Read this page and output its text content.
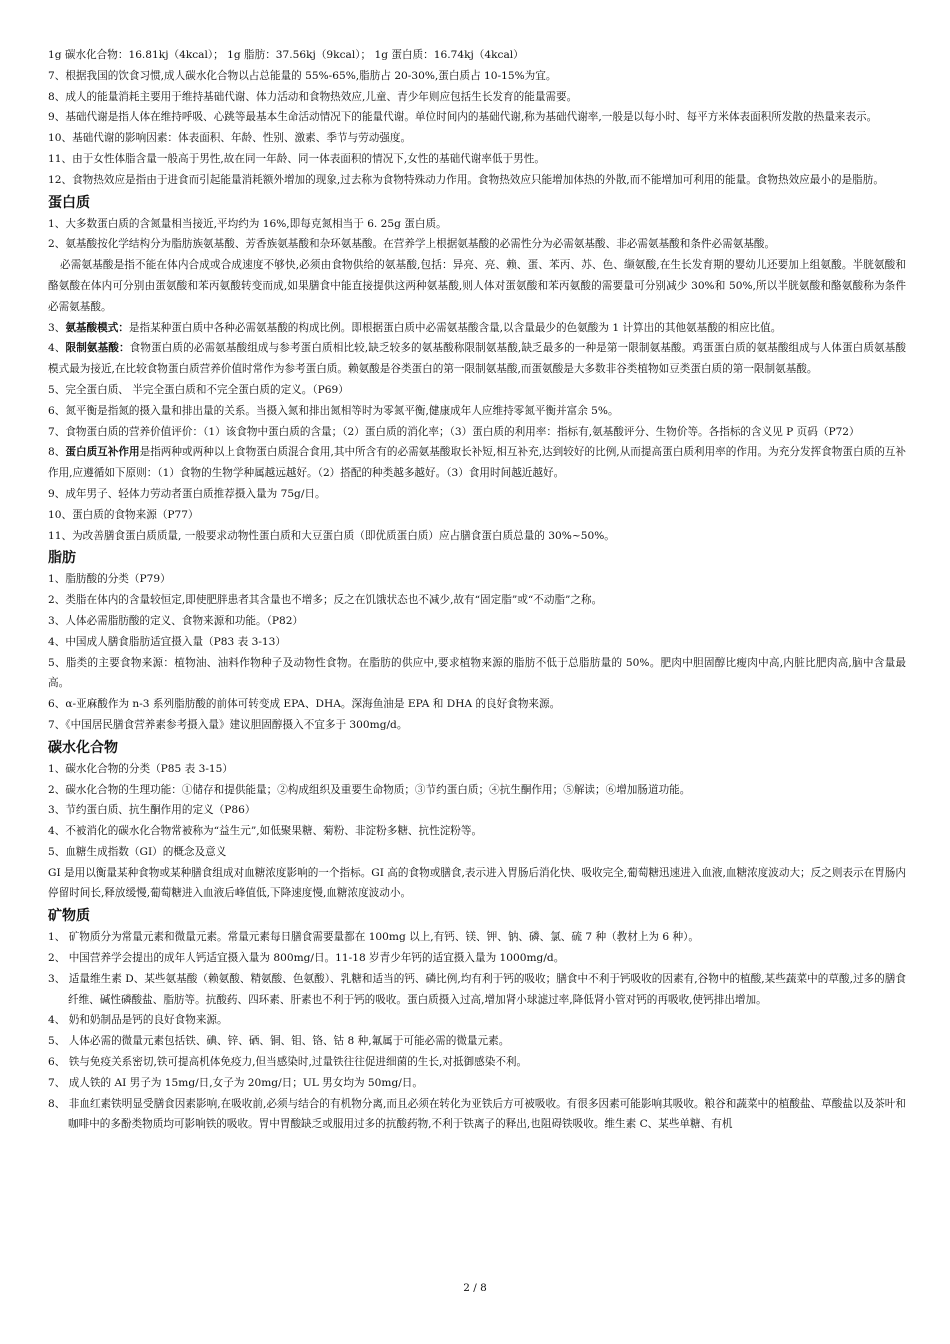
1g 碳水化合物：16.81kj（4kcal）； 1g 脂肪：37.56kj（9kcal）； 1g 蛋白质：16.74kj（4kcal）

7、根据我国的饮食习惯,成人碳水化合物以占总能量的 55%-65%,脂肪占 20-30%,蛋白质占 10-15%为宜。

8、成人的能量消耗主要用于维持基础代谢、体力活动和食物热效应,儿童、青少年则应包括生长发育的能量需要。

9、基础代谢是指人体在维持呼吸、心跳等最基本生命活动情况下的能量代谢。单位时间内的基础代谢,称为基础代谢率,一般是以每小时、每平方米体表面积所发散的热量来表示。

10、基础代谢的影响因素：体表面积、年龄、性别、激素、季节与劳动强度。

11、由于女性体脂含量一般高于男性,故在同一年龄、同一体表面积的情况下,女性的基础代谢率低于男性。

12、食物热效应是指由于进食而引起能量消耗额外增加的现象,过去称为食物特殊动力作用。食物热效应只能增加体热的外散,而不能增加可利用的能量。食物热效应最小的是脂肪。

蛋白质

1、大多数蛋白质的含氮量相当接近,平均约为 16%,即每克氮相当于 6. 25g 蛋白质。

2、氨基酸按化学结构分为脂肪族氨基酸、芳香族氨基酸和杂环氨基酸。在营养学上根据氨基酸的必需性分为必需氨基酸、非必需氨基酸和条件必需氨基酸。

必需氨基酸是指不能在体内合成或合成速度不够快,必须由食物供给的氨基酸,包括：异亮、亮、赖、蛋、苯丙、苏、色、缬氨酸,在生长发育期的婴幼儿还要加上组氨酸。半胱氨酸和酪氨酸在体内可分别由蛋氨酸和苯丙氨酸转变而成,如果膳食中能直接提供这两种氨基酸,则人体对蛋氨酸和苯丙氨酸的需要量可分别减少 30%和 50%,所以半胱氨酸和酪氨酸称为条件必需氨基酸。

3、氨基酸模式：是指某种蛋白质中各种必需氨基酸的构成比例。即根据蛋白质中必需氨基酸含量,以含量最少的色氨酸为 1 计算出的其他氨基酸的相应比值。

4、限制氨基酸：食物蛋白质的必需氨基酸组成与参考蛋白质相比较,缺乏较多的氨基酸称限制氨基酸,缺乏最多的一种是第一限制氨基酸。鸡蛋蛋白质的氨基酸组成与人体蛋白质氨基酸模式最为接近,在比较食物蛋白质营养价值时常作为参考蛋白质。赖氨酸是谷类蛋白的第一限制氨基酸,而蛋氨酸是大多数非谷类植物如豆类蛋白质的第一限制氨基酸。

5、完全蛋白质、 半完全蛋白质和不完全蛋白质的定义。（P69）

6、氮平衡是指氮的摄入量和排出量的关系。当摄入氮和排出氮相等时为零氮平衡,健康成年人应维持零氮平衡并富余 5%。

7、食物蛋白质的营养价值评价：（1）该食物中蛋白质的含量；（2）蛋白质的消化率；（3）蛋白质的利用率：指标有,氨基酸评分、生物价等。各指标的含义见 P 页码（P72）

8、蛋白质互补作用是指两种或两种以上食物蛋白质混合食用,其中所含有的必需氨基酸取长补短,相互补充,达到较好的比例,从而提高蛋白质利用率的作用。为充分发挥食物蛋白质的互补作用,应遵循如下原则：（1）食物的生物学种属越远越好。（2）搭配的种类越多越好。（3）食用时间越近越好。

9、成年男子、轻体力劳动者蛋白质推荐摄入量为 75g/日。

10、蛋白质的食物来源（P77）

11、为改善膳食蛋白质质量, 一般要求动物性蛋白质和大豆蛋白质（即优质蛋白质）应占膳食蛋白质总量的 30%~50%。

脂肪

1、脂肪酸的分类（P79）

2、类脂在体内的含量较恒定,即使肥胖患者其含量也不增多；反之在饥饿状态也不减少,故有“固定脂”或“不动脂”之称。

3、人体必需脂肪酸的定义、食物来源和功能。（P82）

4、中国成人膳食脂肪适宜摄入量（P83 表 3-13）

5、脂类的主要食物来源：植物油、油料作物种子及动物性食物。在脂肪的供应中,要求植物来源的脂肪不低于总脂肪量的 50%。肥肉中胆固醇比瘦肉中高,内脏比肥肉高,脑中含量最高。

6、α-亚麻酸作为 n-3 系列脂肪酸的前体可转变成 EPA、DHA。深海鱼油是 EPA 和 DHA 的良好食物来源。

7、《中国居民膳食营养素参考摄入量》建议胆固醇摄入不宜多于 300mg/d。

碳水化合物

1、碳水化合物的分类（P85 表 3-15）

2、碳水化合物的生理功能：①储存和提供能量；②构成组织及重要生命物质；③节约蛋白质；④抗生酮作用；⑤解读；⑥增加肠道功能。

3、节约蛋白质、抗生酮作用的定义（P86）

4、不被消化的碳水化合物常被称为“益生元”,如低聚果糖、菊粉、非淀粉多糖、抗性淀粉等。

5、血糖生成指数（GI）的概念及意义

GI 是用以衡量某种食物或某种膳食组成对血糖浓度影响的一个指标。GI 高的食物或膳食,表示进入胃肠后消化快、吸收完全,葡萄糖迅速进入血液,血糖浓度波动大；反之则表示在胃肠内停留时间长,释放缓慢,葡萄糖进入血液后峰值低,下降速度慢,血糖浓度波动小。

矿物质

1、 矿物质分为常量元素和微量元素。常量元素每日膳食需要量都在 100mg 以上,有钙、镁、钾、钠、磷、氯、硫 7 种（教材上为 6 种）。

2、 中国营养学会提出的成年人钙适宜摄入量为 800mg/日。11-18 岁青少年钙的适宜摄入量为 1000mg/d。

3、 适量维生素 D、某些氨基酸（赖氨酸、精氨酸、色氨酸）、乳糖和适当的钙、磷比例,均有利于钙的吸收；膳食中不利于钙吸收的因素有,谷物中的植酸,某些蔬菜中的草酸,过多的膳食纤维、碱性磷酸盐、脂肪等。抗酸药、四环素、肝素也不利于钙的吸收。蛋白质摄入过高,增加肾小球滤过率,降低肾小管对钙的再吸收,使钙排出增加。

4、 奶和奶制品是钙的良好食物来源。

5、 人体必需的微量元素包括铁、碘、锌、硒、铜、钼、铬、钴 8 种,氟属于可能必需的微量元素。

6、 铁与免疫关系密切,铁可提高机体免疫力,但当感染时,过量铁往往促进细菌的生长,对抵御感染不利。

7、 成人铁的 AI 男子为 15mg/日,女子为 20mg/日；UL 男女均为 50mg/日。

8、 非血红素铁明显受膳食因素影响,在吸收前,必须与结合的有机物分离,而且必须在转化为亚铁后方可被吸收。有很多因素可能影响其吸收。粮谷和蔬菜中的植酸盐、草酸盐以及茶叶和咖啡中的多酚类物质均可影响铁的吸收。胃中胃酸缺乏或服用过多的抗酸药物,不利于铁离子的释出,也阻碍铁吸收。维生素 C、某些单糖、有机

2 / 8
